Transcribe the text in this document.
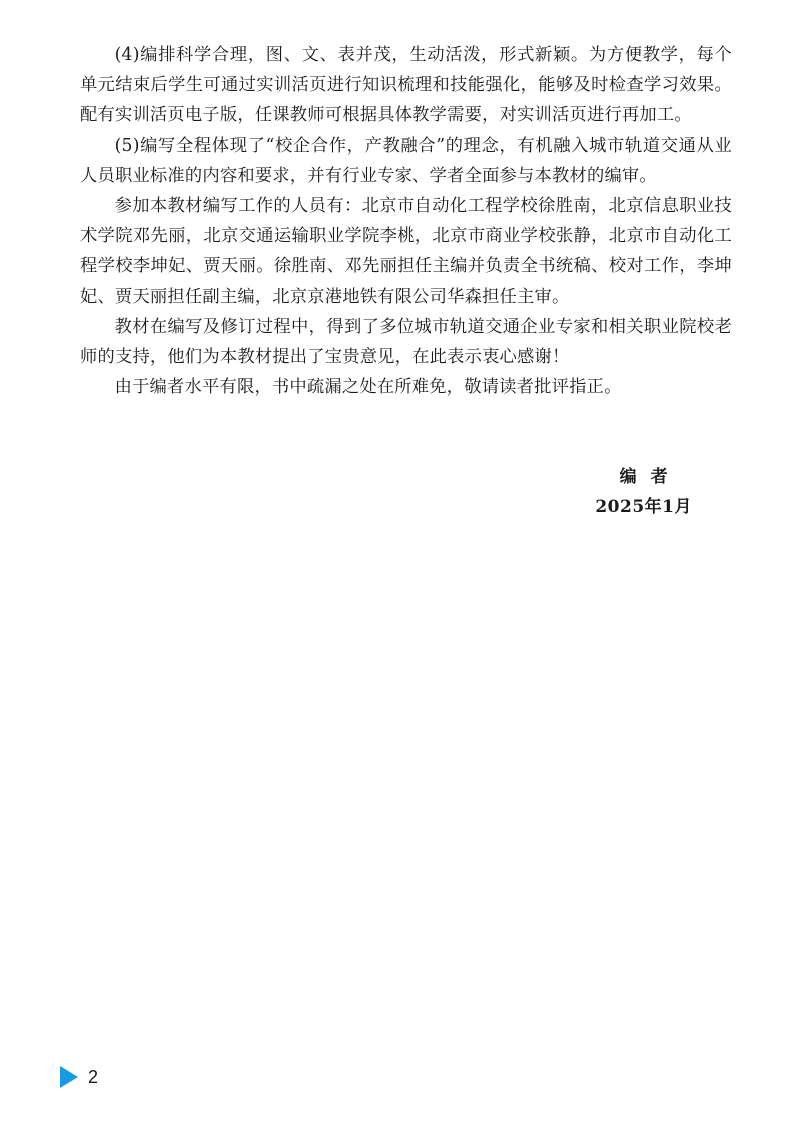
(4)编排科学合理，图、文、表并茂，生动活泼，形式新颖。为方便教学，每个单元结束后学生可通过实训活页进行知识梳理和技能强化，能够及时检查学习效果。配有实训活页电子版，任课教师可根据具体教学需要，对实训活页进行再加工。

(5)编写全程体现了“校企合作，产教融合”的理念，有机融入城市轨道交通从业人员职业标准的内容和要求，并有行业专家、学者全面参与本教材的编审。

参加本教材编写工作的人员有：北京市自动化工程学校徐胜南，北京信息职业技术学院邓先丽，北京交通运输职业学院李桃，北京市商业学校张静，北京市自动化工程学校李坤妃、贾天丽。徐胜南、邓先丽担任主编并负责全书统稿、校对工作，李坤妃、贾天丽担任副主编，北京京港地铁有限公司华森担任主审。

教材在编写及修订过程中，得到了多位城市轨道交通企业专家和相关职业院校老师的支持，他们为本教材提出了宝贵意见，在此表示衷心感谢！

由于编者水平有限，书中疏漏之处在所难免，敬请读者批评指正。

编者
2025年1月
2
